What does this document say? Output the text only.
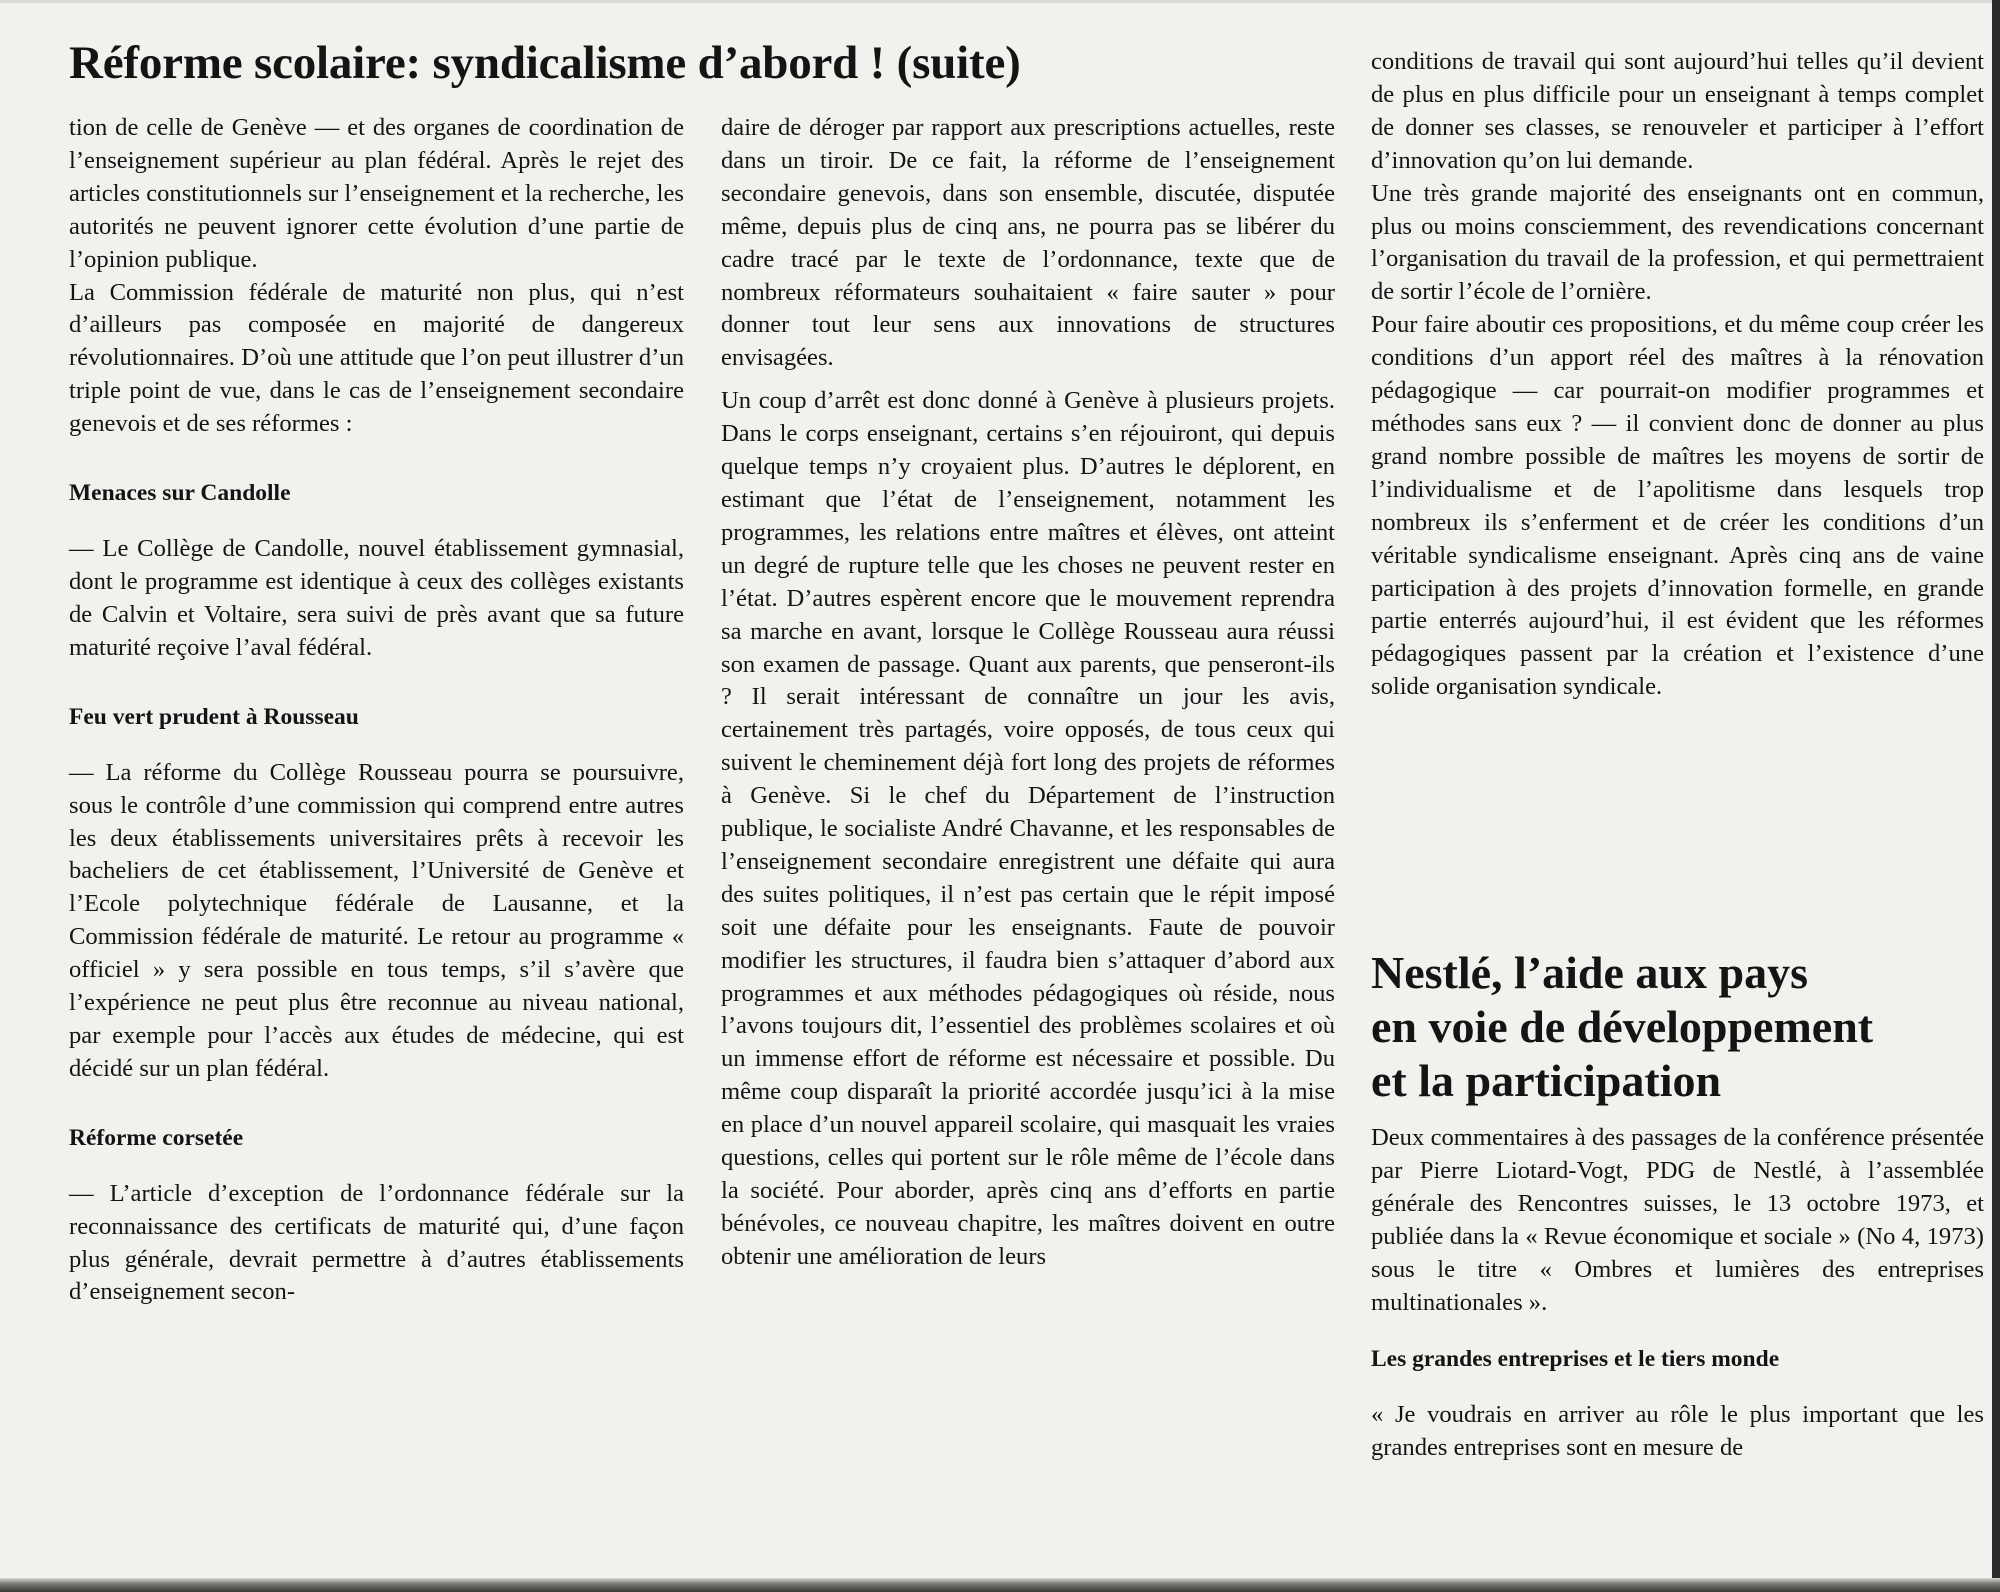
Réforme scolaire: syndicalisme d’abord ! (suite)

tion de celle de Genève — et des organes de coordination de l’enseignement supérieur au plan fédéral. Après le rejet des articles constitutionnels sur l’enseignement et la recherche, les autorités ne peuvent ignorer cette évolution d’une partie de l’opinion publique.

La Commission fédérale de maturité non plus, qui n’est d’ailleurs pas composée en majorité de dangereux révolutionnaires. D’où une attitude que l’on peut illustrer d’un triple point de vue, dans le cas de l’enseignement secondaire genevois et de ses réformes :

Menaces sur Candolle

— Le Collège de Candolle, nouvel établissement gymnasial, dont le programme est identique à ceux des collèges existants de Calvin et Voltaire, sera suivi de près avant que sa future maturité reçoive l’aval fédéral.

Feu vert prudent à Rousseau

— La réforme du Collège Rousseau pourra se poursuivre, sous le contrôle d’une commission qui comprend entre autres les deux établissements universitaires prêts à recevoir les bacheliers de cet établissement, l’Université de Genève et l’Ecole polytechnique fédérale de Lausanne, et la Commission fédérale de maturité. Le retour au programme « officiel » y sera possible en tous temps, s’il s’avère que l’expérience ne peut plus être reconnue au niveau national, par exemple pour l’accès aux études de médecine, qui est décidé sur un plan fédéral.

Réforme corsetée

— L’article d’exception de l’ordonnance fédérale sur la reconnaissance des certificats de maturité qui, d’une façon plus générale, devrait permettre à d’autres établissements d’enseignement secon-

daire de déroger par rapport aux prescriptions actuelles, reste dans un tiroir. De ce fait, la réforme de l’enseignement secondaire genevois, dans son ensemble, discutée, disputée même, depuis plus de cinq ans, ne pourra pas se libérer du cadre tracé par le texte de l’ordonnance, texte que de nombreux réformateurs souhaitaient « faire sauter » pour donner tout leur sens aux innovations de structures envisagées.

Un coup d’arrêt est donc donné à Genève à plusieurs projets. Dans le corps enseignant, certains s’en réjouiront, qui depuis quelque temps n’y croyaient plus. D’autres le déplorent, en estimant que l’état de l’enseignement, notamment les programmes, les relations entre maîtres et élèves, ont atteint un degré de rupture telle que les choses ne peuvent rester en l’état. D’autres espèrent encore que le mouvement reprendra sa marche en avant, lorsque le Collège Rousseau aura réussi son examen de passage. Quant aux parents, que penseront-ils ? Il serait intéressant de connaître un jour les avis, certainement très partagés, voire opposés, de tous ceux qui suivent le cheminement déjà fort long des projets de réformes à Genève. Si le chef du Département de l’instruction publique, le socialiste André Chavanne, et les responsables de l’enseignement secondaire enregistrent une défaite qui aura des suites politiques, il n’est pas certain que le répit imposé soit une défaite pour les enseignants. Faute de pouvoir modifier les structures, il faudra bien s’attaquer d’abord aux programmes et aux méthodes pédagogiques où réside, nous l’avons toujours dit, l’essentiel des problèmes scolaires et où un immense effort de réforme est nécessaire et possible. Du même coup disparaît la priorité accordée jusqu’ici à la mise en place d’un nouvel appareil scolaire, qui masquait les vraies questions, celles qui portent sur le rôle même de l’école dans la société. Pour aborder, après cinq ans d’efforts en partie bénévoles, ce nouveau chapitre, les maîtres doivent en outre obtenir une amélioration de leurs

conditions de travail qui sont aujourd’hui telles qu’il devient de plus en plus difficile pour un enseignant à temps complet de donner ses classes, se renouveler et participer à l’effort d’innovation qu’on lui demande.

Une très grande majorité des enseignants ont en commun, plus ou moins consciemment, des revendications concernant l’organisation du travail de la profession, et qui permettraient de sortir l’école de l’ornière.

Pour faire aboutir ces propositions, et du même coup créer les conditions d’un apport réel des maîtres à la rénovation pédagogique — car pourrait-on modifier programmes et méthodes sans eux ? — il convient donc de donner au plus grand nombre possible de maîtres les moyens de sortir de l’individualisme et de l’apolitisme dans lesquels trop nombreux ils s’enferment et de créer les conditions d’un véritable syndicalisme enseignant. Après cinq ans de vaine participation à des projets d’innovation formelle, en grande partie enterrés aujourd’hui, il est évident que les réformes pédagogiques passent par la création et l’existence d’une solide organisation syndicale.

Nestlé, l’aide aux pays
en voie de développement
et la participation

Deux commentaires à des passages de la conférence présentée par Pierre Liotard-Vogt, PDG de Nestlé, à l’assemblée générale des Rencontres suisses, le 13 octobre 1973, et publiée dans la « Revue économique et sociale » (No 4, 1973) sous le titre « Ombres et lumières des entreprises multinationales ».

Les grandes entreprises et le tiers monde

« Je voudrais en arriver au rôle le plus important que les grandes entreprises sont en mesure de
